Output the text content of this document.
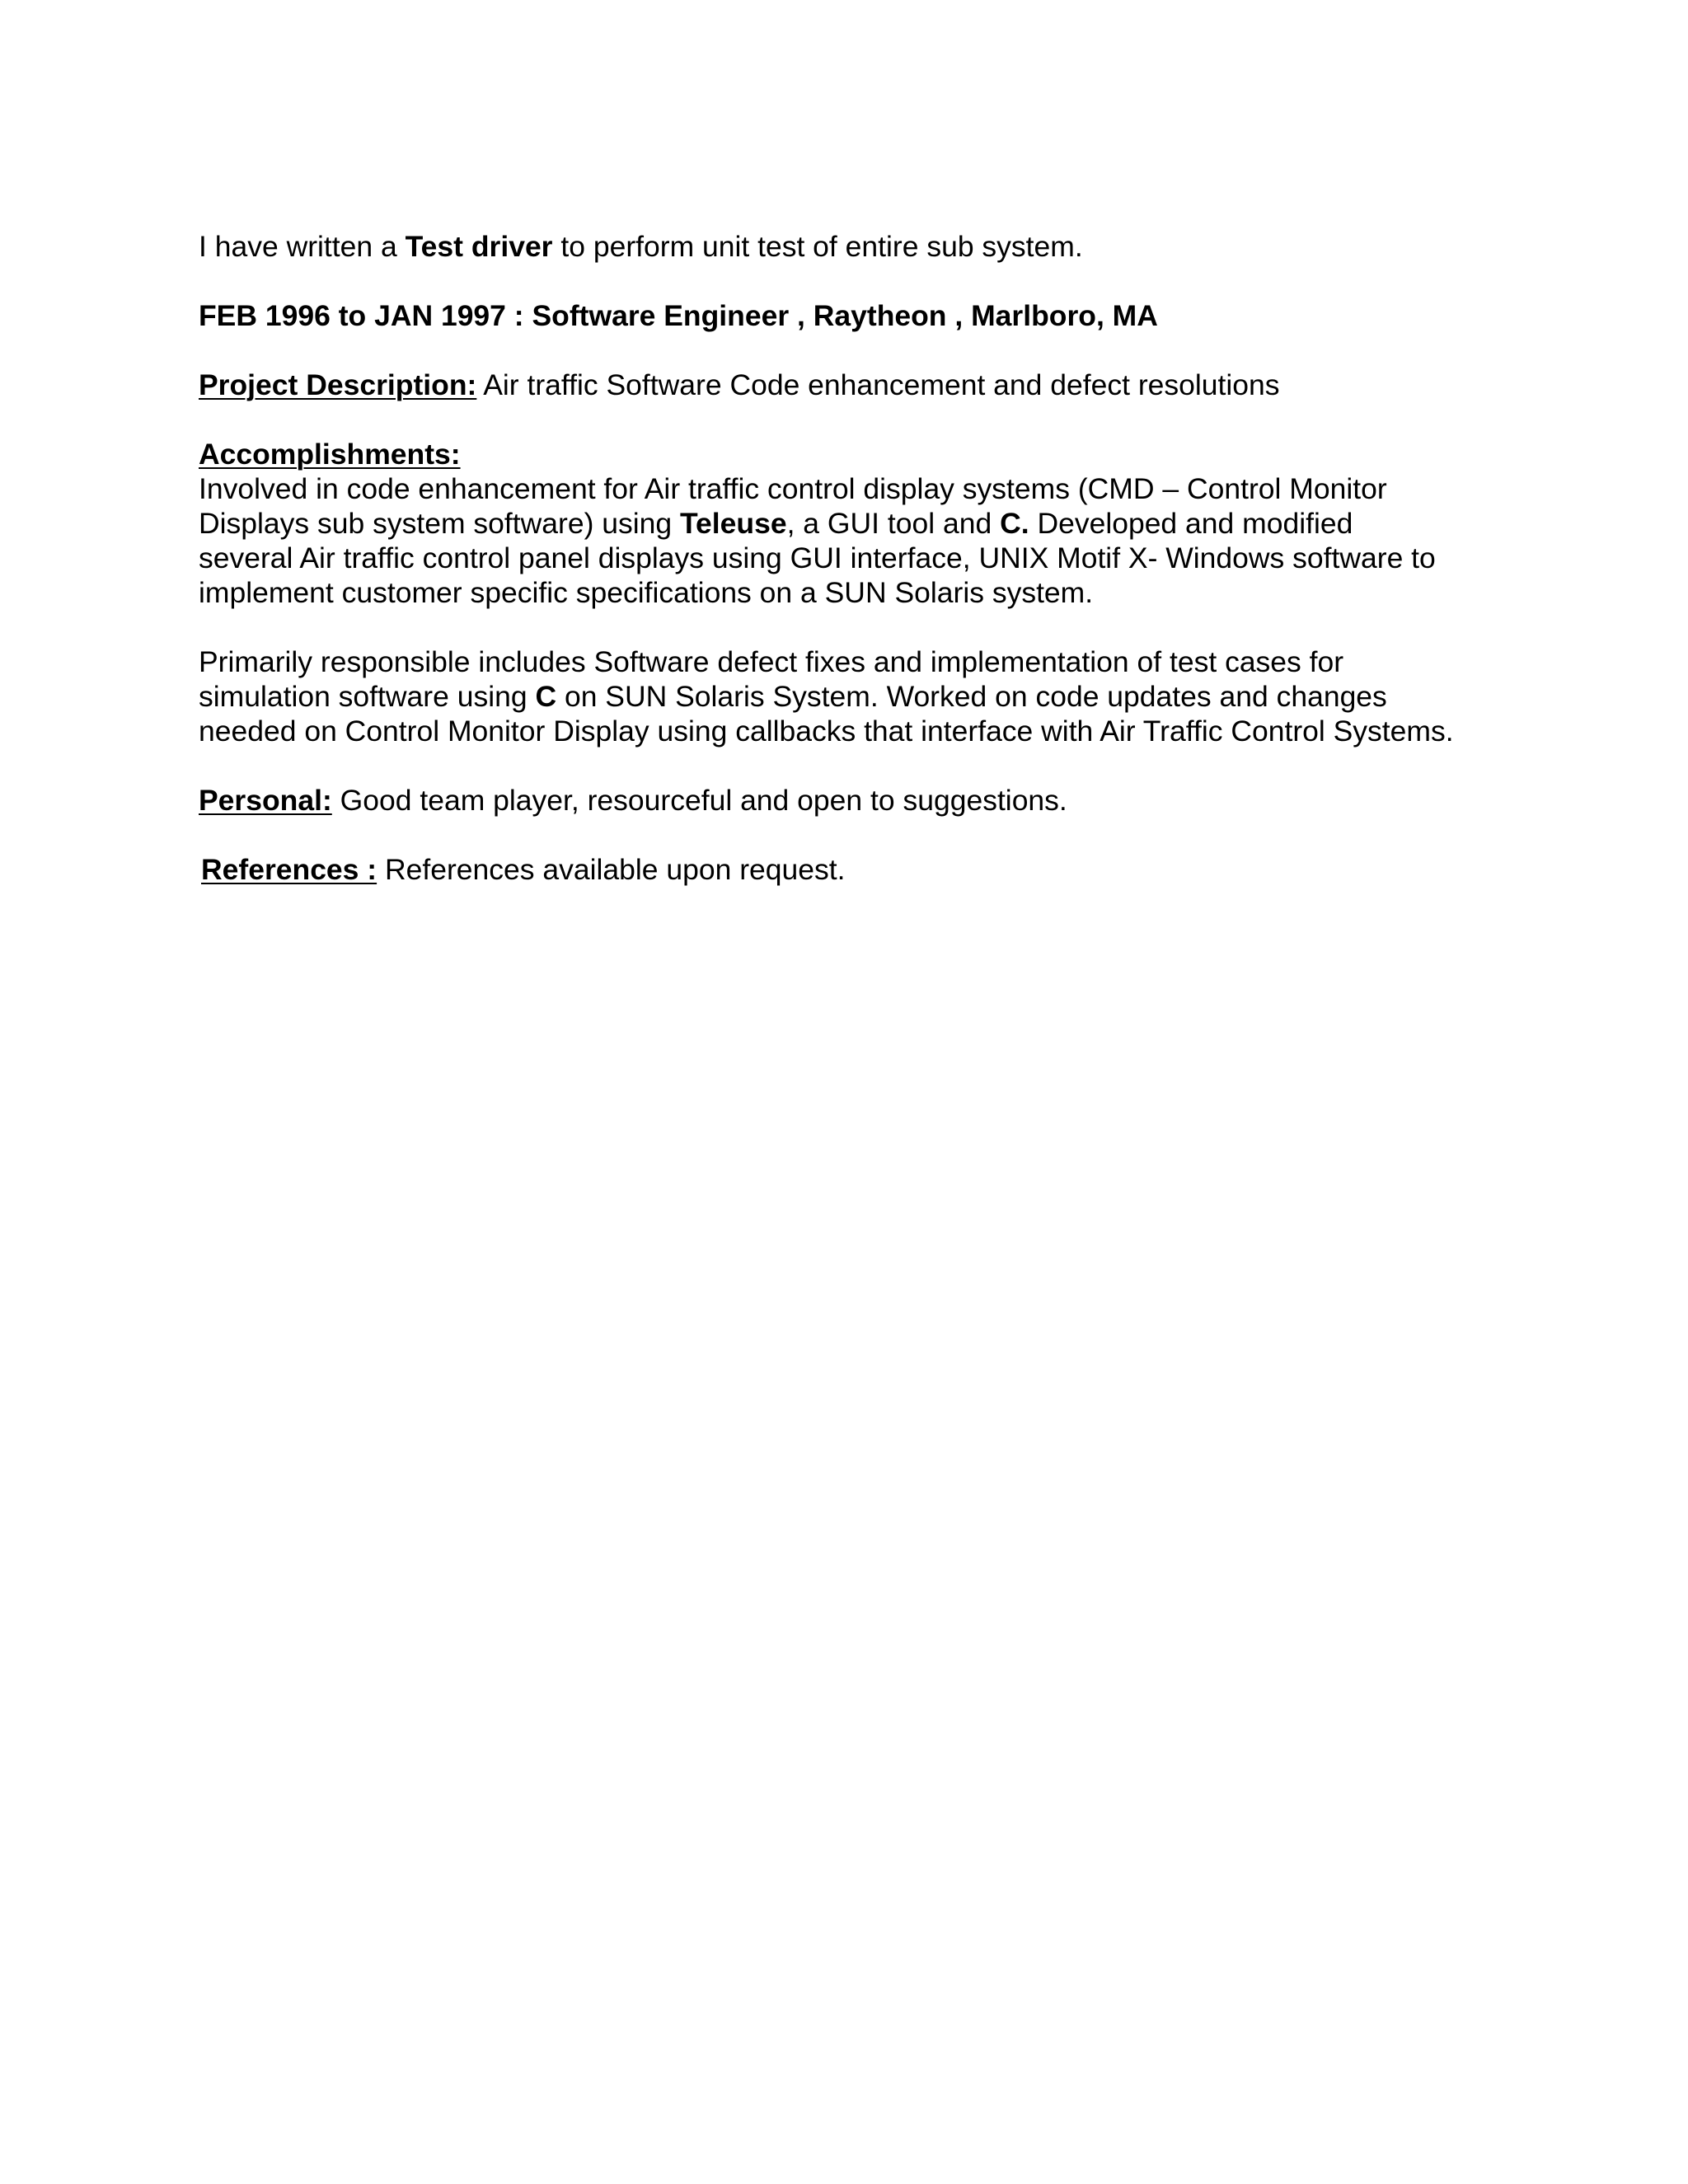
I have written a Test driver to perform unit test of entire sub system.

FEB 1996 to JAN 1997 : Software Engineer , Raytheon , Marlboro, MA

Project Description: Air traffic Software Code enhancement and defect resolutions

Accomplishments:
Involved in code enhancement for Air traffic control display systems (CMD – Control Monitor
Displays sub system software) using Teleuse, a GUI tool and C. Developed and modified
several Air traffic control panel displays using GUI interface, UNIX Motif X- Windows software to
implement customer specific specifications on a SUN Solaris system.
Primarily responsible includes Software defect fixes and implementation of test cases for
simulation software using C on SUN Solaris System. Worked on code updates and changes
needed on Control Monitor Display using callbacks that interface with Air Traffic Control Systems.

Personal: Good team player, resourceful and open to suggestions.

References : References available upon request.
